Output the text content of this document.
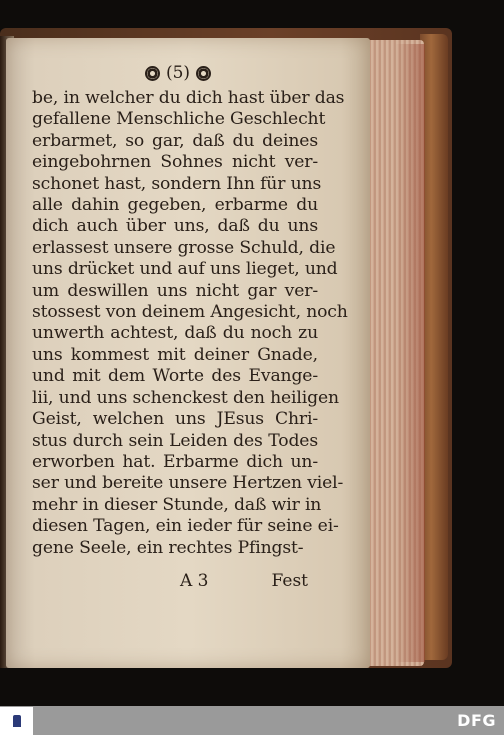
(5)
be, in welcher du dich hast über das
gefallene Menschliche Geschlecht
erbarmet, so gar, daß du deines
eingebohrnen Sohnes nicht ver-
schonet hast, sondern Ihn für uns
alle dahin gegeben, erbarme du
dich auch über uns, daß du uns
erlassest unsere grosse Schuld, die
uns drücket und auf uns lieget, und
um deswillen uns nicht gar ver-
stossest von deinem Angesicht, noch
unwerth achtest, daß du noch zu
uns kommest mit deiner Gnade,
und mit dem Worte des Evange-
lii, und uns schenckest den heiligen
Geist, welchen uns JEsus Chri-
stus durch sein Leiden des Todes
erworben hat. Erbarme dich un-
ser und bereite unsere Hertzen viel-
mehr in dieser Stunde, daß wir in
diesen Tagen, ein ieder für seine ei-
gene Seele, ein rechtes Pfingst-
A 3	Fest
DFG
